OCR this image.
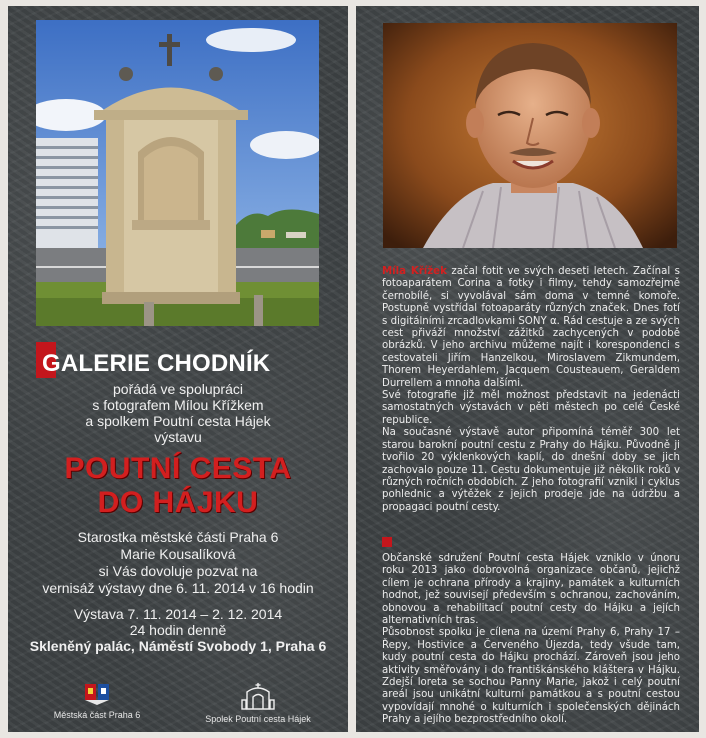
GALERIE CHODNÍK
pořádá ve spolupráci
s fotografem Mílou Křížkem
a spolkem Poutní cesta Hájek
výstavu
POUTNÍ CESTA
DO HÁJKU
Starostka městské části Praha 6
Marie Kousalíková
si Vás dovoluje pozvat na
vernisáž výstavy dne 6. 11. 2014 v 16 hodin
Výstava 7. 11. 2014 – 2. 12. 2014
24 hodin denně
Skleněný palác, Náměstí Svobody 1, Praha 6
Městská část Praha 6	Spolek Poutní cesta Hájek

Míla Křížek začal fotit ve svých deseti letech. Začínal s fotoaparátem Corina a fotky i filmy, tehdy samozřejmě černobílé, si vyvolával sám doma v temné komoře. Postupně vystřídal fotoaparáty různých značek. Dnes fotí s digitálními zrcadlovkami SONY α. Rád cestuje a ze svých cest přiváží množství zážitků zachycených v podobě obrázků. V jeho archivu můžeme najít i korespondenci s cestovateli Jiřím Hanzelkou, Miroslavem Zikmundem, Thorem Heyerdahlem, Jacquem Cousteauem, Geraldem Durrellem a mnoha dalšími.

Své fotografie již měl možnost představit na jedenácti samostatných výstavách v pěti městech po celé České republice.

Na současné výstavě autor připomíná téměř 300 let starou barokní poutní cestu z Prahy do Hájku. Původně ji tvořilo 20 výklenkových kaplí, do dnešní doby se jich zachovalo pouze 11. Cestu dokumentuje již několik roků v různých ročních obdobích. Z jeho fotografií vznikl i cyklus pohlednic a výtěžek z jejich prodeje jde na údržbu a propagaci poutní cesty.

Občanské sdružení Poutní cesta Hájek vzniklo v únoru roku 2013 jako dobrovolná organizace občanů, jejichž cílem je ochrana přírody a krajiny, památek a kulturních hodnot, jež souvisejí především s ochranou, zachováním, obnovou a rehabilitací poutní cesty do Hájku a jejích alternativních tras.

Působnost spolku je cílena na území Prahy 6, Prahy 17 – Řepy, Hostivice a Červeného Újezda, tedy všude tam, kudy poutní cesta do Hájku prochází. Zároveň jsou jeho aktivity směřovány i do františkánského kláštera v Hájku. Zdejší loreta se sochou Panny Marie, jakož i celý poutní areál jsou unikátní kulturní památkou a s poutní cestou vypovídají mnohé o kulturních i společenských dějinách Prahy a jejího bezprostředního okolí.
